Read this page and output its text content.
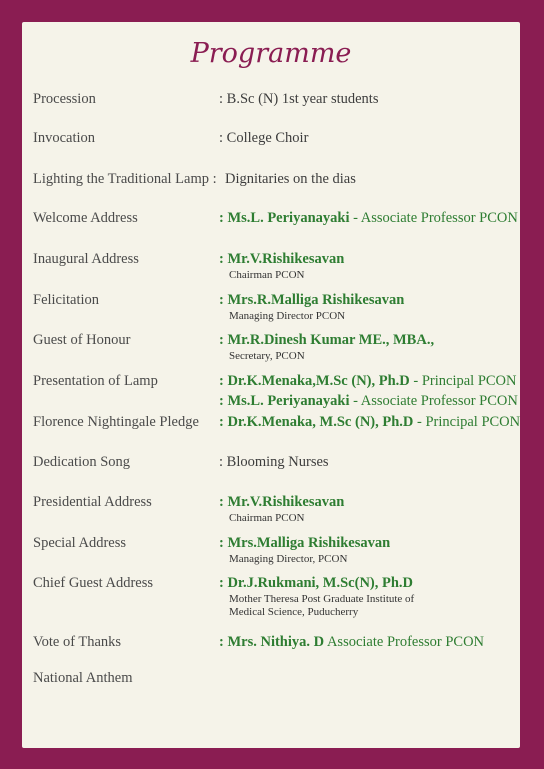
Programme
Procession	: B.Sc (N) 1st year students
Invocation	: College Choir
Lighting the Traditional Lamp : Dignitaries on the dias
Welcome Address	: Ms.L. Periyanayaki - Associate Professor PCON
Inaugural Address	: Mr.V.Rishikesavan
Chairman PCON
Felicitation	: Mrs.R.Malliga Rishikesavan
Managing Director PCON
Guest of Honour	: Mr.R.Dinesh Kumar ME., MBA.,
Secretary, PCON
Presentation of Lamp	: Dr.K.Menaka,M.Sc (N), Ph.D - Principal PCON
: Ms.L. Periyanayaki - Associate Professor PCON
Florence Nightingale Pledge : Dr.K.Menaka, M.Sc (N), Ph.D - Principal PCON
Dedication Song	: Blooming Nurses
Presidential Address	: Mr.V.Rishikesavan
Chairman PCON
Special Address	: Mrs.Malliga Rishikesavan
Managing Director, PCON
Chief Guest Address	: Dr.J.Rukmani, M.Sc(N), Ph.D
Mother Theresa Post Graduate Institute of
Medical Science, Puducherry
Vote of Thanks	: Mrs. Nithiya. D Associate Professor PCON
National Anthem
